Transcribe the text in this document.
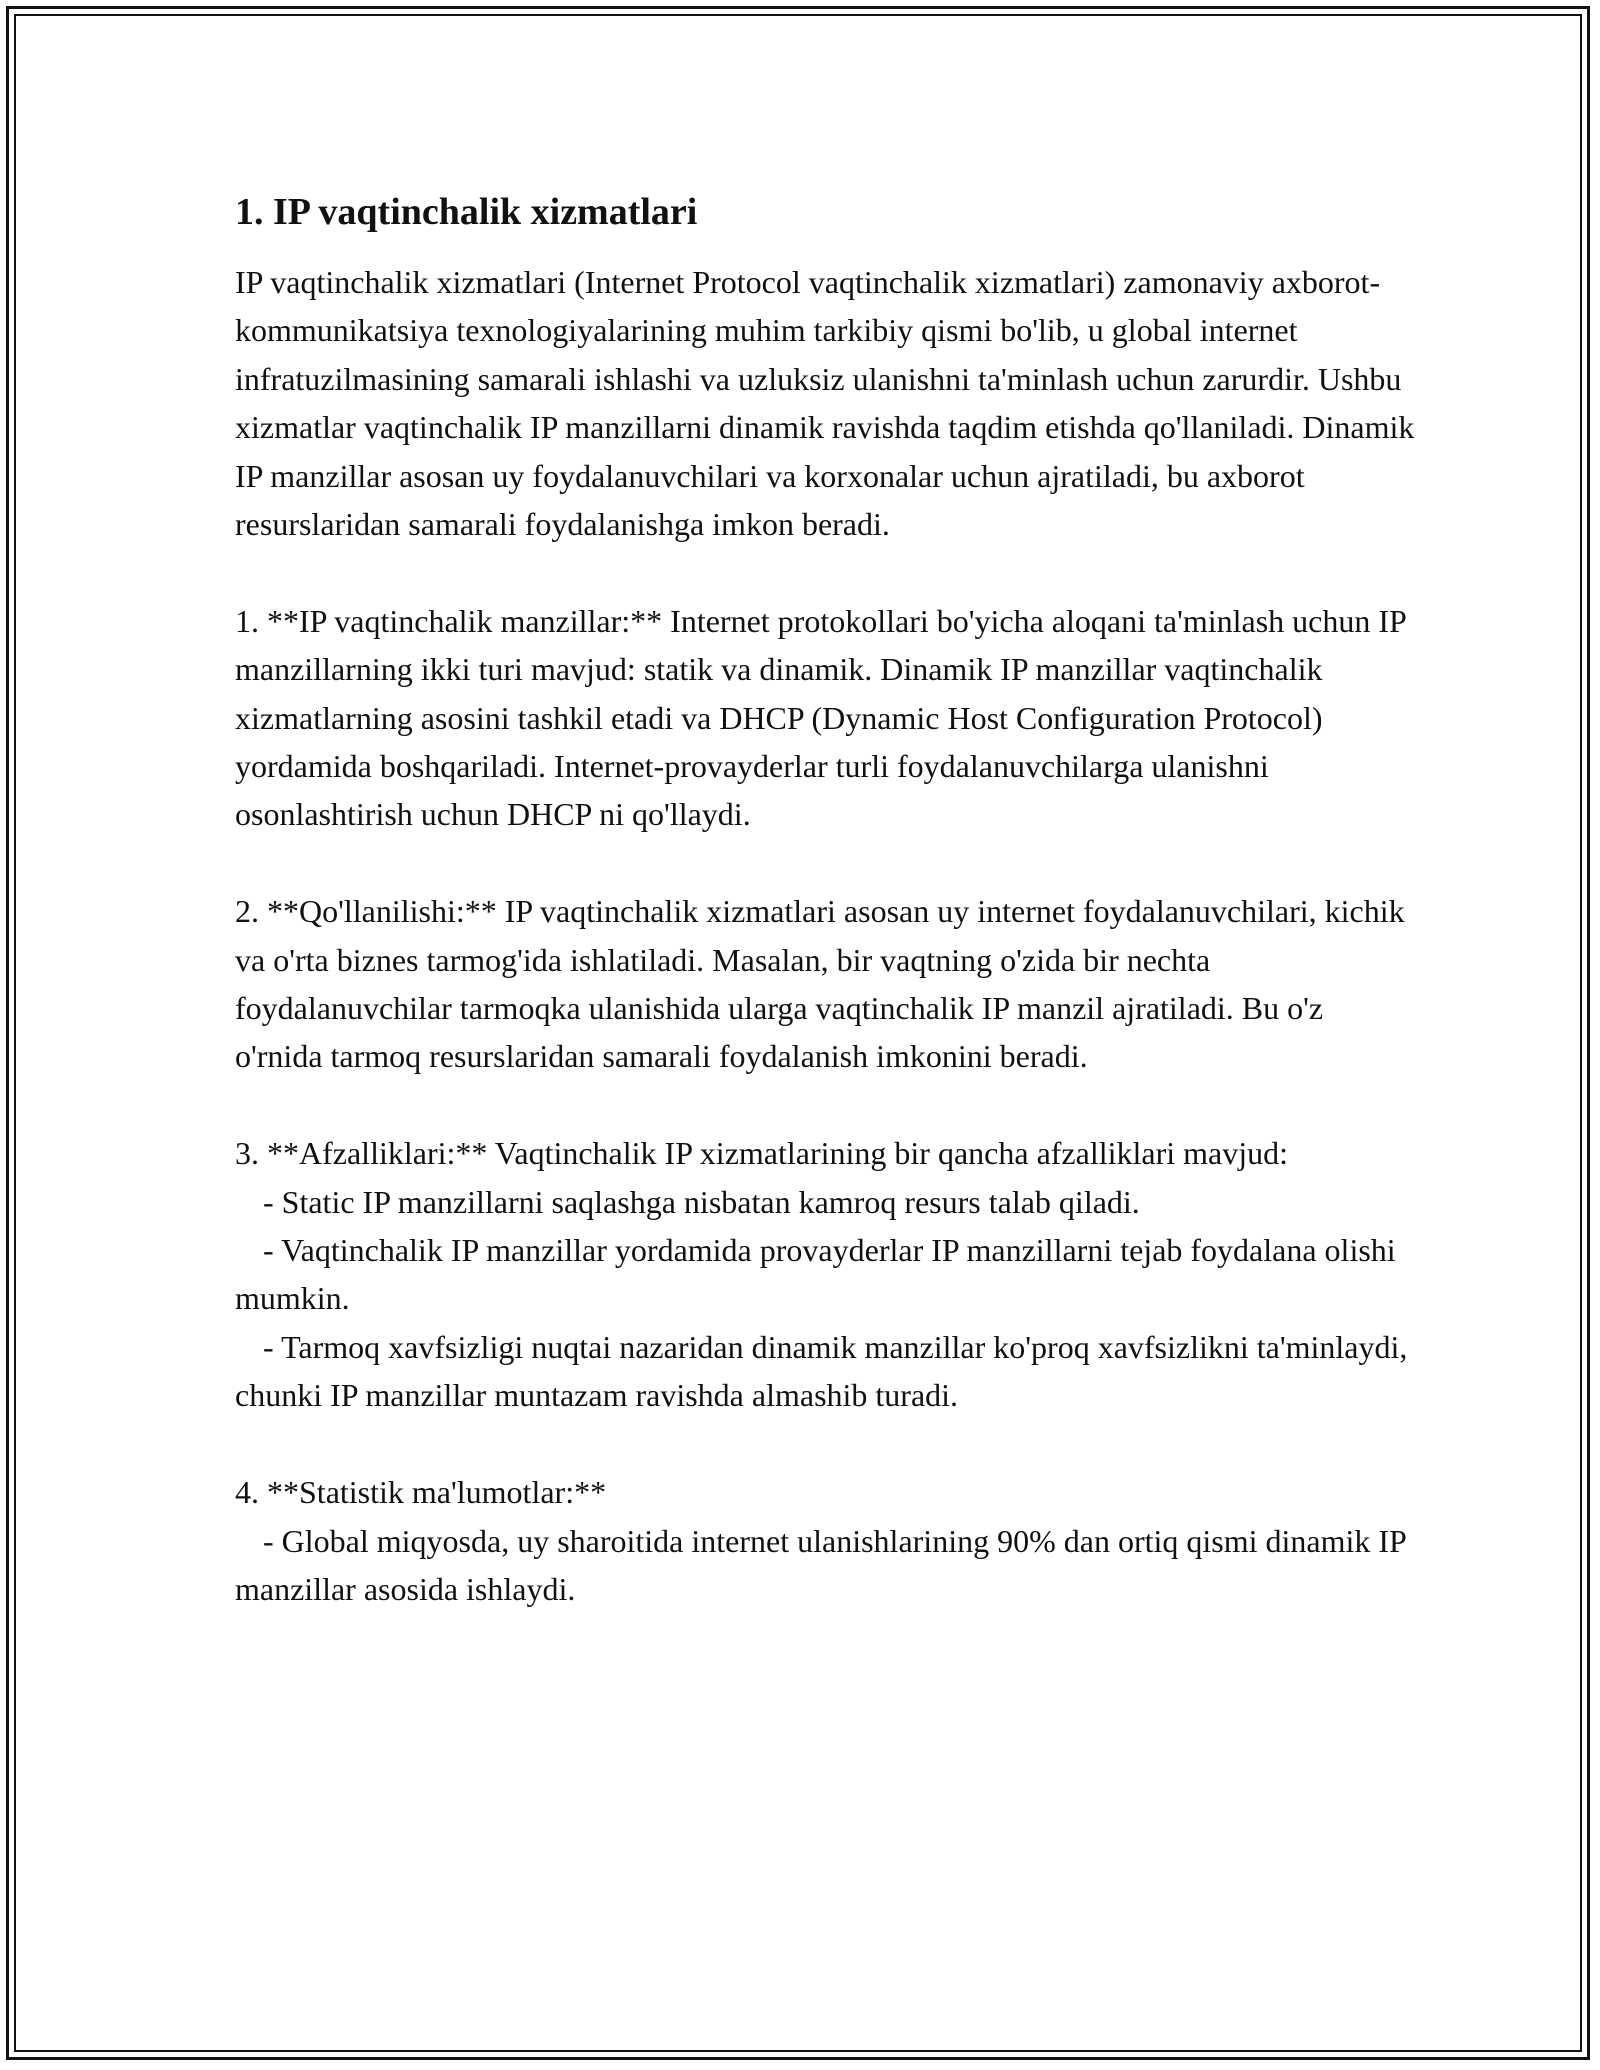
1. IP vaqtinchalik xizmatlari

IP vaqtinchalik xizmatlari (Internet Protocol vaqtinchalik xizmatlari) zamonaviy axborot-kommunikatsiya texnologiyalarining muhim tarkibiy qismi bo'lib, u global internet infratuzilmasining samarali ishlashi va uzluksiz ulanishni ta'minlash uchun zarurdir. Ushbu xizmatlar vaqtinchalik IP manzillarni dinamik ravishda taqdim etishda qo'llaniladi. Dinamik IP manzillar asosan uy foydalanuvchilari va korxonalar uchun ajratiladi, bu axborot resurslaridan samarali foydalanishga imkon beradi.

1. **IP vaqtinchalik manzillar:** Internet protokollari bo'yicha aloqani ta'minlash uchun IP manzillarning ikki turi mavjud: statik va dinamik. Dinamik IP manzillar vaqtinchalik xizmatlarning asosini tashkil etadi va DHCP (Dynamic Host Configuration Protocol) yordamida boshqariladi. Internet-provayderlar turli foydalanuvchilarga ulanishni osonlashtirish uchun DHCP ni qo'llaydi.

2. **Qo'llanilishi:** IP vaqtinchalik xizmatlari asosan uy internet foydalanuvchilari, kichik va o'rta biznes tarmog'ida ishlatiladi. Masalan, bir vaqtning o'zida bir nechta foydalanuvchilar tarmoqka ulanishida ularga vaqtinchalik IP manzil ajratiladi. Bu o'z o'rnida tarmoq resurslaridan samarali foydalanish imkonini beradi.

3. **Afzalliklari:** Vaqtinchalik IP xizmatlarining bir qancha afzalliklari mavjud:

- Static IP manzillarni saqlashga nisbatan kamroq resurs talab qiladi.

- Vaqtinchalik IP manzillar yordamida provayderlar IP manzillarni tejab foydalana olishi mumkin.

- Tarmoq xavfsizligi nuqtai nazaridan dinamik manzillar ko'proq xavfsizlikni ta'minlaydi, chunki IP manzillar muntazam ravishda almashib turadi.

4. **Statistik ma'lumotlar:**

- Global miqyosda, uy sharoitida internet ulanishlarining 90% dan ortiq qismi dinamik IP manzillar asosida ishlaydi.
